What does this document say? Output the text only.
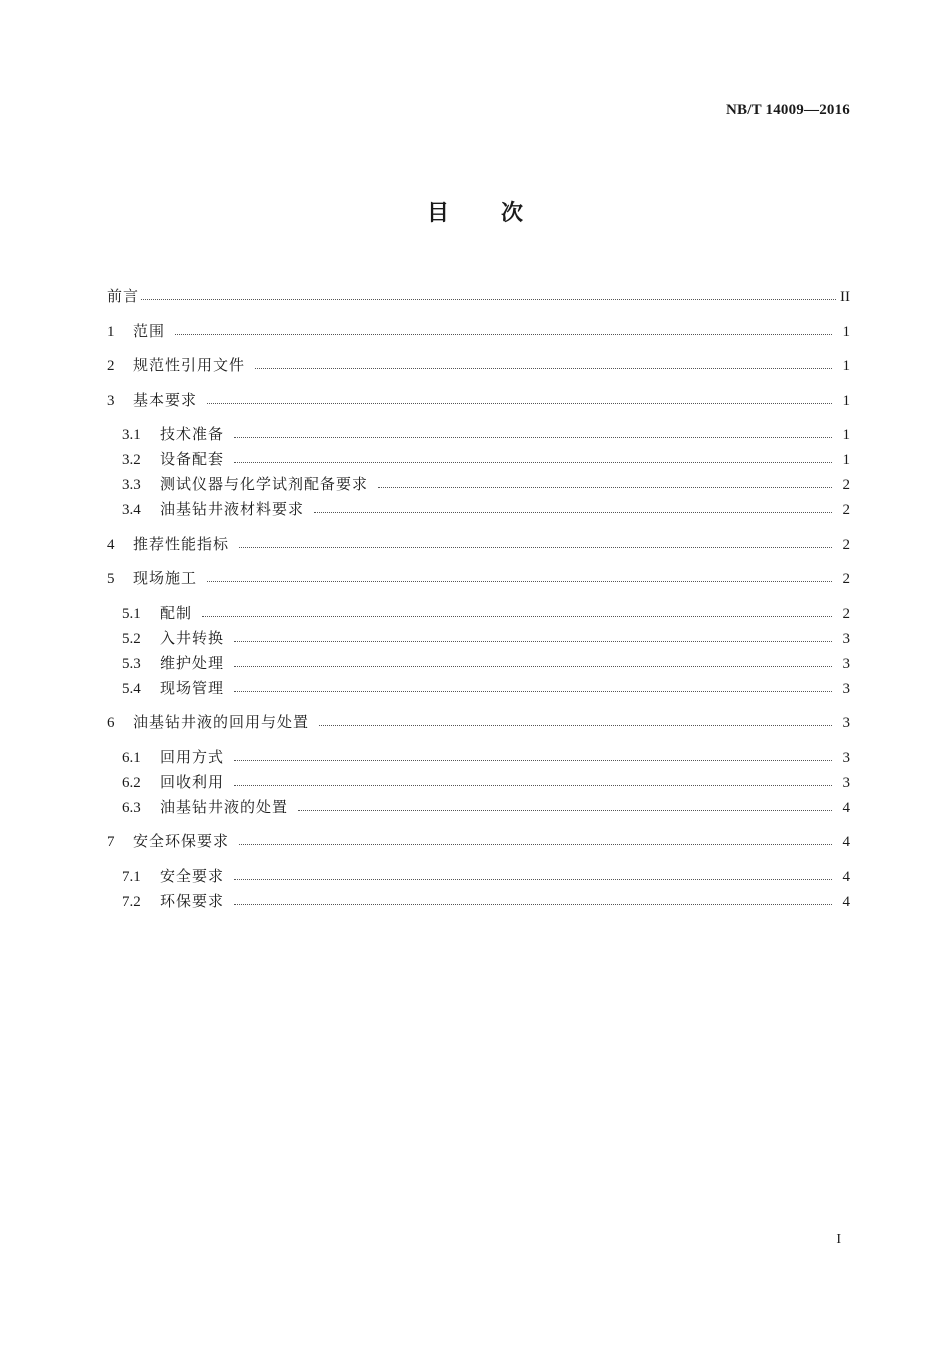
NB/T 14009—2016
目次
前言	II
1	范围	1
2	规范性引用文件	1
3	基本要求	1
3.1	技术准备	1
3.2	设备配套	1
3.3	测试仪器与化学试剂配备要求	2
3.4	油基钻井液材料要求	2
4	推荐性能指标	2
5	现场施工	2
5.1	配制	2
5.2	入井转换	3
5.3	维护处理	3
5.4	现场管理	3
6	油基钻井液的回用与处置	3
6.1	回用方式	3
6.2	回收利用	3
6.3	油基钻井液的处置	4
7	安全环保要求	4
7.1	安全要求	4
7.2	环保要求	4
I
